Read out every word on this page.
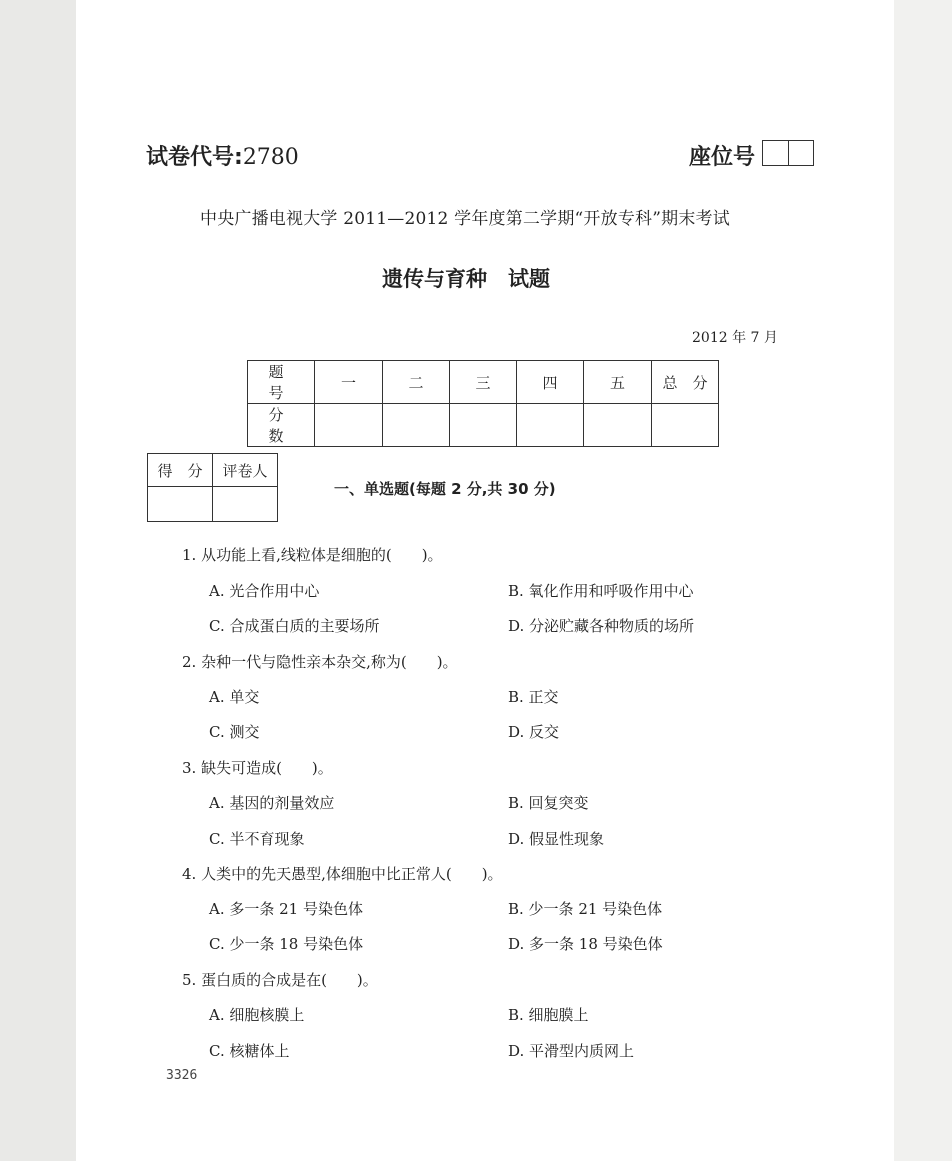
试卷代号:2780	座位号
中央广播电视大学 2011—2012 学年度第二学期“开放专科”期末考试
遗传与育种　试题
2012 年 7 月
题　号	一	二	三	四	五	总　分
分　数						
得　分	评卷人

一、单选题(每题 2 分,共 30 分)
1. 从功能上看,线粒体是细胞的(　　)。
A. 光合作用中心	B. 氧化作用和呼吸作用中心
C. 合成蛋白质的主要场所	D. 分泌贮藏各种物质的场所
2. 杂种一代与隐性亲本杂交,称为(　　)。
A. 单交	B. 正交
C. 测交	D. 反交
3. 缺失可造成(　　)。
A. 基因的剂量效应	B. 回复突变
C. 半不育现象	D. 假显性现象
4. 人类中的先天愚型,体细胞中比正常人(　　)。
A. 多一条 21 号染色体	B. 少一条 21 号染色体
C. 少一条 18 号染色体	D. 多一条 18 号染色体
5. 蛋白质的合成是在(　　)。
A. 细胞核膜上	B. 细胞膜上
C. 核糖体上	D. 平滑型内质网上
3326
